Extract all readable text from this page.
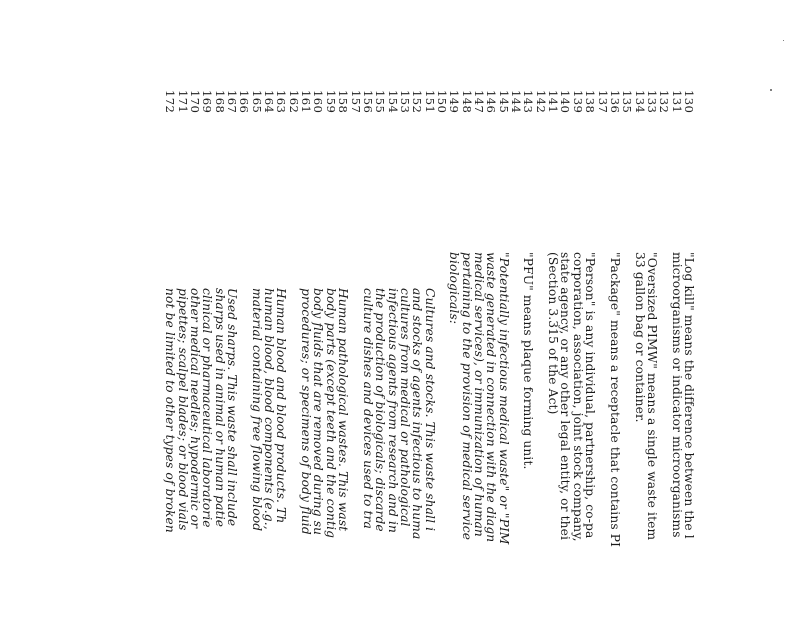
130
131
132
133
134
135
136
137
138
139
140
141
142
143
144
145
146
147
148
149
150
151
152
153
154
155
156
157
158
159
160
161
162
163
164
165
166
167
168
169
170
171
172
"Log kill" means the difference between the l
microorganisms or indicator microorganisms
"Oversized PIMW" means a single waste item
33 gallon bag or container.
"Package" means a receptacle that contains PI
"Person" is any individual, partnership, co-pa
corporation, association, joint stock company,
state agency, or any other legal entity, or thei
(Section 3.315 of the Act)
"PFU" means plaque forming unit.
"Potentially infectious medical waste" or "PIM
waste generated in connection with the diagn
medical services), or immunization of human
pertaining to the provision of medical service
biologicals:
Cultures and stocks. This waste shall i
and stocks of agents infectious to huma
cultures from medical or pathological
infectious agents from research and in
the production of biologicals; discarde
culture dishes and devices used to tra
Human pathological wastes. This wast
body parts (except teeth and the contig
body fluids that are removed during su
procedures; or specimens of body fluid
Human blood and blood products. Th
human blood, blood components (e.g.,
material containing free flowing blood
Used sharps. This waste shall include
sharps used in animal or human patie
clinical or pharmaceutical laboratorie
other medical needles; hypodermic or
pipettes; scalpel blades; or blood vials
not be limited to other types of broken
